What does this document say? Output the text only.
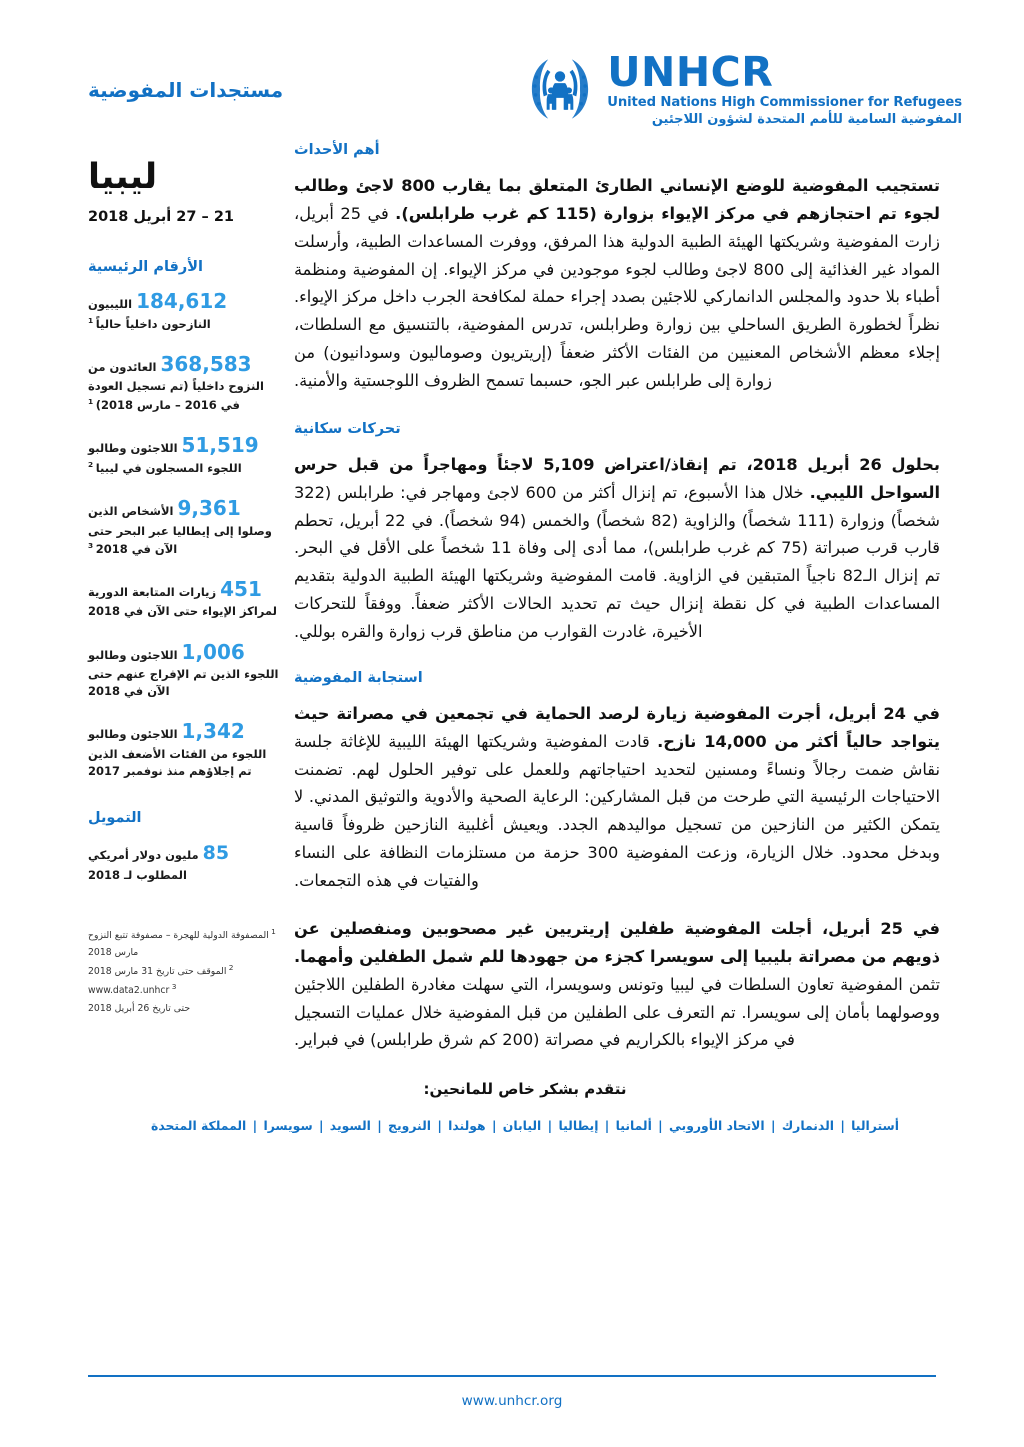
مستجدات المفوضية	UNHCR
United Nations High Commissioner for Refugees
المفوضية السامية للأمم المتحدة لشؤون اللاجئين
أهم الأحداث

تستجيب المفوضية للوضع الإنساني الطارئ المتعلق بما يقارب 800 لاجئ وطالب لجوء تم احتجازهم في مركز الإيواء بزوارة (115 كم غرب طرابلس). في 25 أبريل، زارت المفوضية وشريكتها الهيئة الطبية الدولية هذا المرفق، ووفرت المساعدات الطبية، وأرسلت المواد غير الغذائية إلى 800 لاجئ وطالب لجوء موجودين في مركز الإيواء. إن المفوضية ومنظمة أطباء بلا حدود والمجلس الدانماركي للاجئين بصدد إجراء حملة لمكافحة الجرب داخل مركز الإيواء. نظراً لخطورة الطريق الساحلي بين زوارة وطرابلس، تدرس المفوضية، بالتنسيق مع السلطات، إجلاء معظم الأشخاص المعنيين من الفئات الأكثر ضعفاً (إريتريون وصوماليون وسودانيون) من زوارة إلى طرابلس عبر الجو، حسبما تسمح الظروف اللوجستية والأمنية.

تحركات سكانية

بحلول 26 أبريل 2018، تم إنقاذ/اعتراض 5,109 لاجئاً ومهاجراً من قبل حرس السواحل الليبي. خلال هذا الأسبوع، تم إنزال أكثر من 600 لاجئ ومهاجر في: طرابلس (322 شخصاً) وزوارة (111 شخصاً) والزاوية (82 شخصاً) والخمس (94 شخصاً). في 22 أبريل، تحطم قارب قرب صبراتة (75 كم غرب طرابلس)، مما أدى إلى وفاة 11 شخصاً على الأقل في البحر. تم إنزال الـ82 ناجياً المتبقين في الزاوية. قامت المفوضية وشريكتها الهيئة الطبية الدولية بتقديم المساعدات الطبية في كل نقطة إنزال حيث تم تحديد الحالات الأكثر ضعفاً. ووفقاً للتحركات الأخيرة، غادرت القوارب من مناطق قرب زوارة والقره بوللي.

استجابة المفوضية

في 24 أبريل، أجرت المفوضية زيارة لرصد الحماية في تجمعين في مصراتة حيث يتواجد حالياً أكثر من 14,000 نازح. قادت المفوضية وشريكتها الهيئة الليبية للإغاثة جلسة نقاش ضمت رجالاً ونساءً ومسنين لتحديد احتياجاتهم وللعمل على توفير الحلول لهم. تضمنت الاحتياجات الرئيسية التي طرحت من قبل المشاركين: الرعاية الصحية والأدوية والتوثيق المدني. لا يتمكن الكثير من النازحين من تسجيل مواليدهم الجدد. ويعيش أغلبية النازحين ظروفاً قاسية وبدخل محدود. خلال الزيارة، وزعت المفوضية 300 حزمة من مستلزمات النظافة على النساء والفتيات في هذه التجمعات.

في 25 أبريل، أجلت المفوضية طفلين إريتريين غير مصحوبين ومنفصلين عن ذويهم من مصراتة بليبيا إلى سويسرا كجزء من جهودها للم شمل الطفلين وأمهما. تثمن المفوضية تعاون السلطات في ليبيا وتونس وسويسرا، التي سهلت مغادرة الطفلين اللاجئين ووصولهما بأمان إلى سويسرا. تم التعرف على الطفلين من قبل المفوضية خلال عمليات التسجيل في مركز الإيواء بالكراريم في مصراتة (200 كم شرق طرابلس) في فبراير.

ليبيا
21 – 27 أبريل 2018
الأرقام الرئيسية
184,612الليبيون
النازحون داخلياً حالياً $^1$
368,583العائدون من
النزوح داخلياً (تم تسجيل العودة في 2016 – مارس 2018) $^1$
51,519اللاجئون وطالبو
اللجوء المسجلون في ليبيا $^2$
9,361الأشخاص الذين
وصلوا إلى إيطاليا عبر البحر حتى الآن في 2018 $^3$
451زيارات المتابعة الدورية
لمراكز الإيواء حتى الآن في 2018
1,006اللاجئون وطالبو
اللجوء الذين تم الإفراج عنهم حتى الآن في 2018
1,342اللاجئون وطالبو
اللجوء من الفئات الأضعف الذين تم إجلاؤهم منذ نوفمبر 2017
التمويل
85مليون دولار أمريكي
المطلوب لـ 2018
$^1$ المصفوفة الدولية للهجرة – مصفوفة تتبع النزوح مارس 2018
$^2$ الموقف حتى تاريخ 31 مارس 2018
$^3$ www.data2.unhcr
حتى تاريخ 26 أبريل 2018
نتقدم بشكر خاص للمانحين:
أستراليا | الدنمارك | الاتحاد الأوروبي | ألمانيا | إيطاليا | اليابان | هولندا | النرويج | السويد | سويسرا | المملكة المتحدة
www.unhcr.org
